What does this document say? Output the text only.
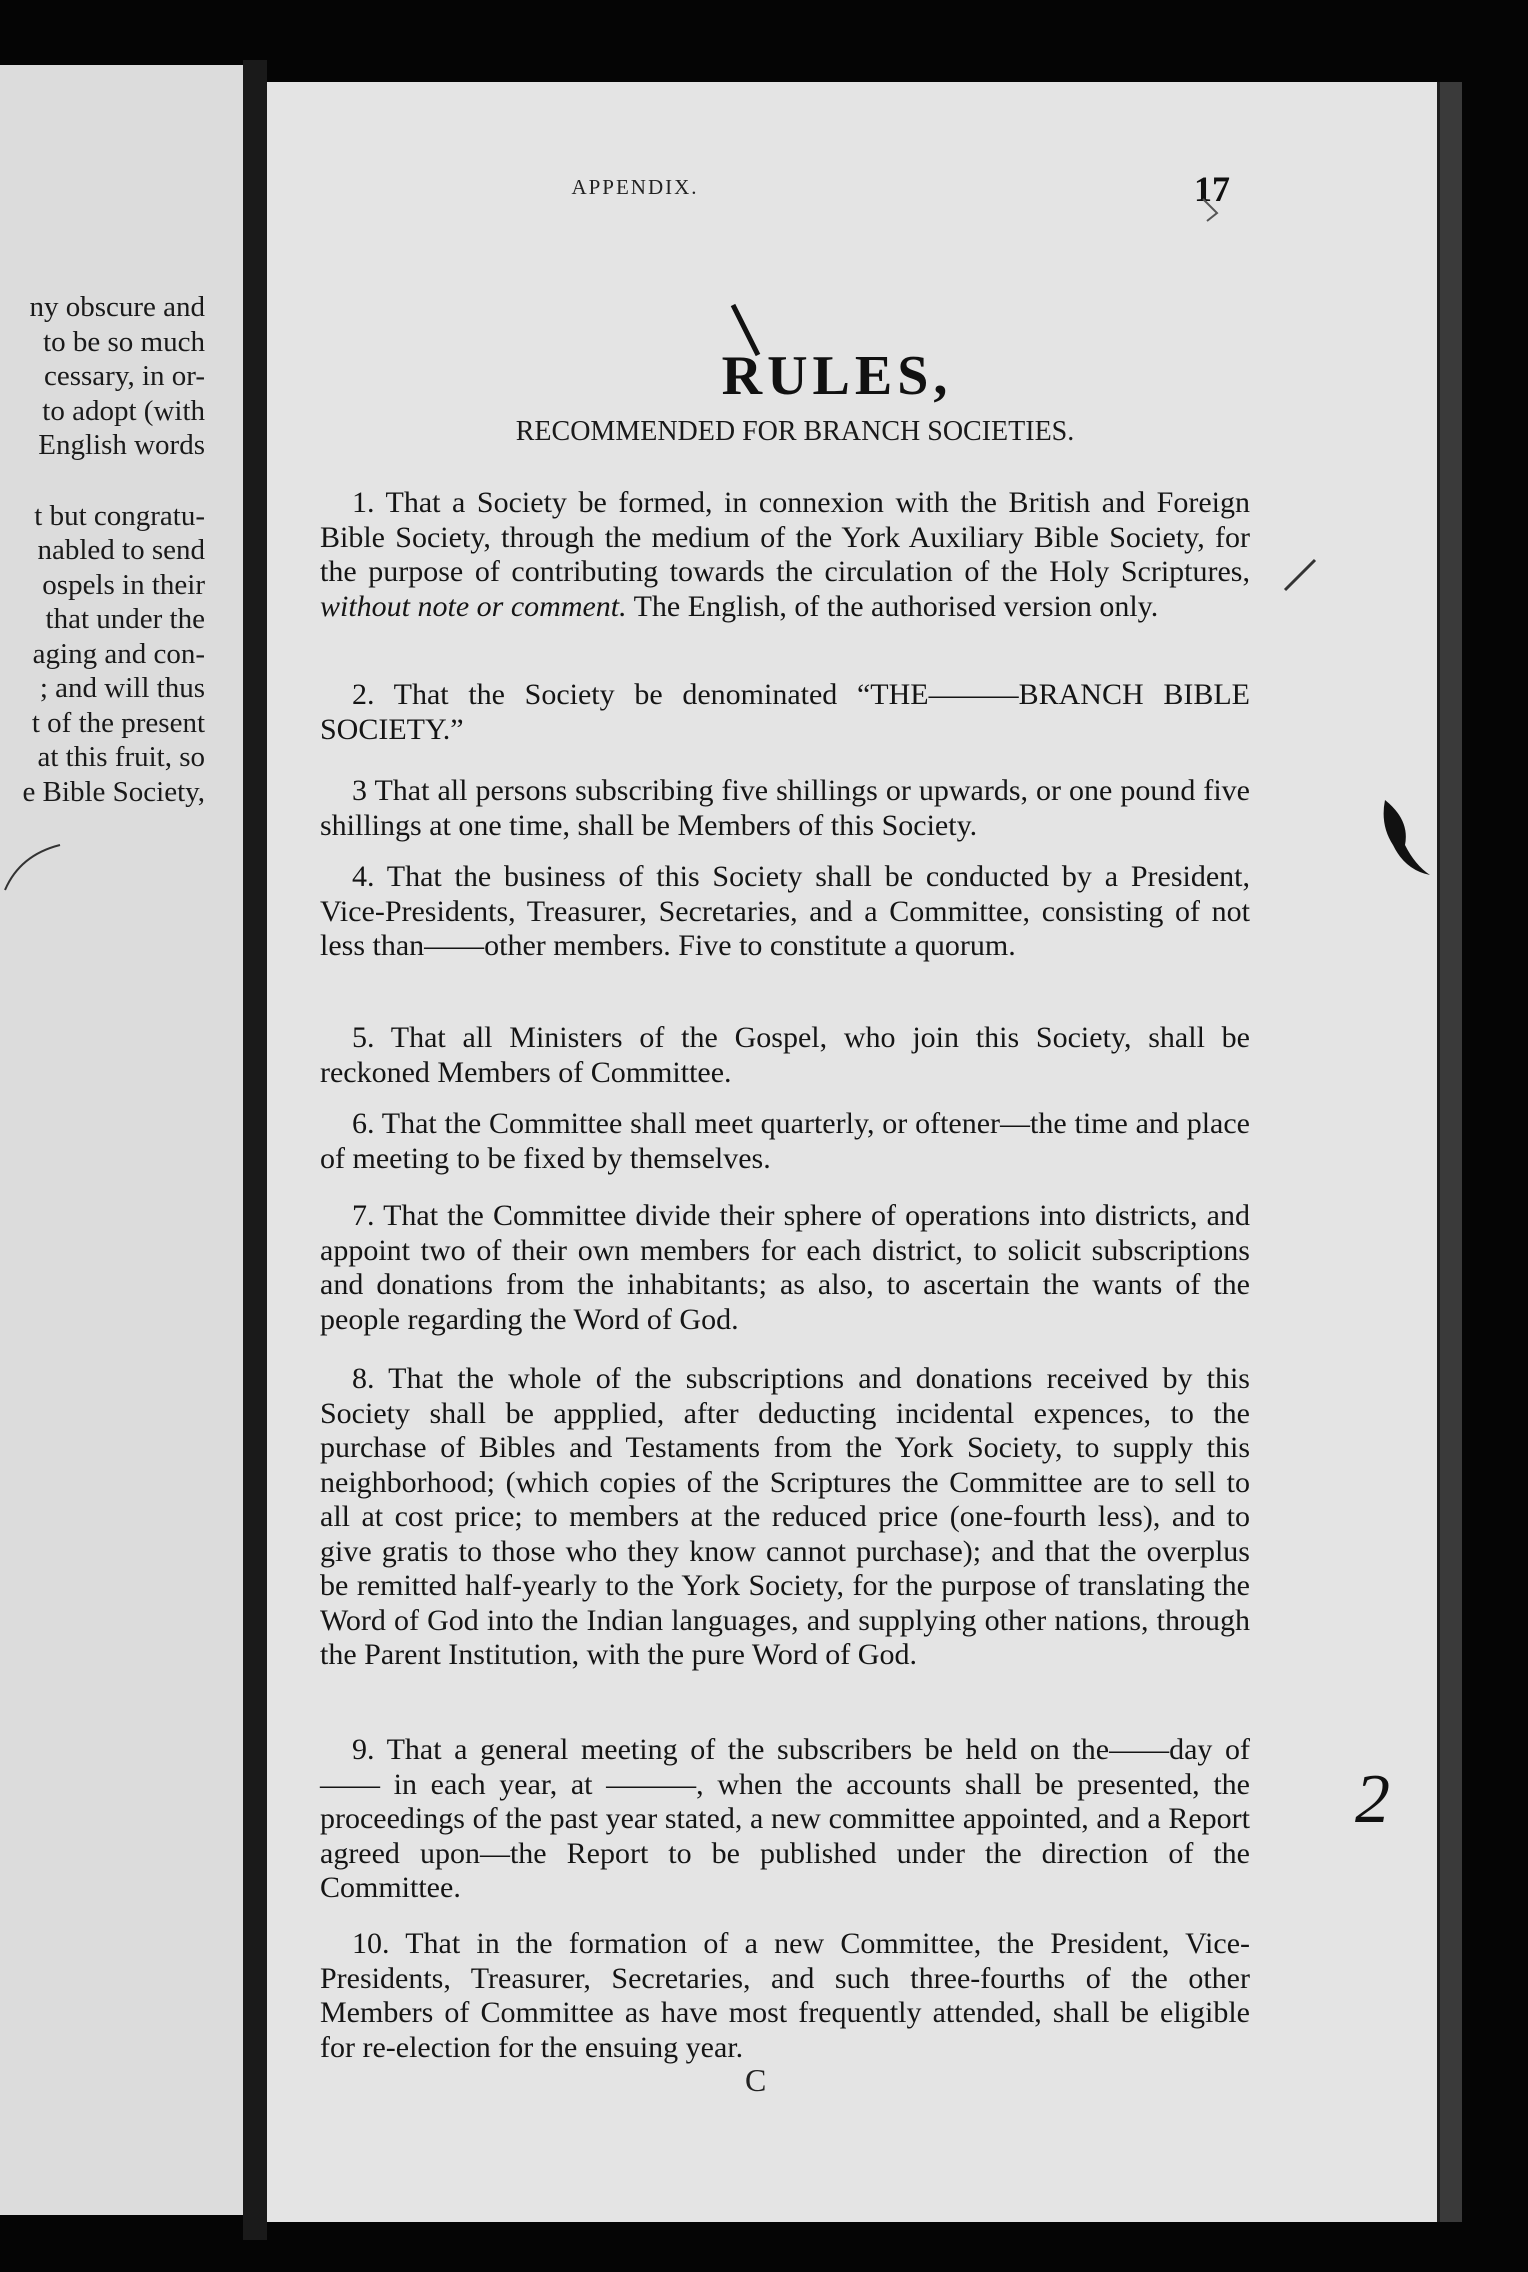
ny obscure and
to be so much
cessary, in or-
to adopt (with
English words
t but congratu-
nabled to send
ospels in their
that under the
aging and con-
; and will thus
t of the present
at this fruit, so
e Bible Society,
APPENDIX.	17
RULES,
RECOMMENDED FOR BRANCH SOCIETIES.

1. That a Society be formed, in connexion with the British and Foreign Bible Society, through the medium of the York Auxiliary Bible Society, for the purpose of contributing towards the circulation of the Holy Scriptures, without note or comment. The English, of the authorised version only.

2. That the Society be denominated “THE———BRANCH BIBLE SOCIETY.”

3 That all persons subscribing five shillings or upwards, or one pound five shillings at one time, shall be Members of this Society.

4. That the business of this Society shall be conducted by a President, Vice-Presidents, Treasurer, Secretaries, and a Committee, consisting of not less than——other members. Five to constitute a quorum.

5. That all Ministers of the Gospel, who join this Society, shall be reckoned Members of Committee.

6. That the Committee shall meet quarterly, or oftener—the time and place of meeting to be fixed by themselves.

7. That the Committee divide their sphere of operations into districts, and appoint two of their own members for each district, to solicit subscriptions and donations from the inhabitants; as also, to ascertain the wants of the people regarding the Word of God.

8. That the whole of the subscriptions and donations received by this Society shall be appplied, after deducting incidental expences, to the purchase of Bibles and Testaments from the York Society, to supply this neighborhood; (which copies of the Scriptures the Committee are to sell to all at cost price; to members at the reduced price (one-fourth less), and to give gratis to those who they know cannot purchase); and that the overplus be remitted half-yearly to the York Society, for the purpose of translating the Word of God into the Indian languages, and supplying other nations, through the Parent Institution, with the pure Word of God.

9. That a general meeting of the subscribers be held on the——day of —— in each year, at ———, when the accounts shall be presented, the proceedings of the past year stated, a new committee appointed, and a Report agreed upon—the Report to be published under the direction of the Committee.

10. That in the formation of a new Committee, the President, Vice-Presidents, Treasurer, Secretaries, and such three-fourths of the other Members of Committee as have most frequently attended, shall be eligible for re-election for the ensuing year.

C
2
